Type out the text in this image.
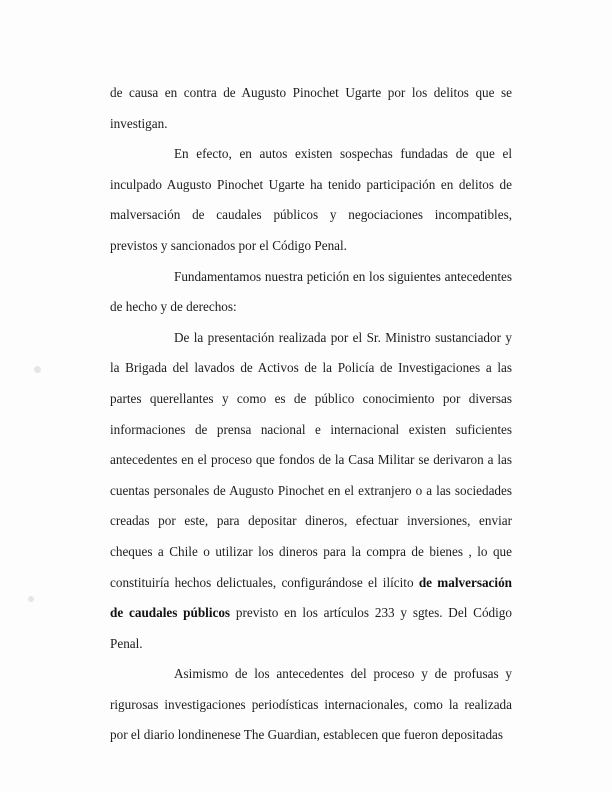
de causa en contra de Augusto Pinochet Ugarte por los delitos que se investigan.

En efecto, en autos existen sospechas fundadas de que el inculpado Augusto Pinochet Ugarte ha tenido participación en delitos de malversación de caudales públicos y negociaciones incompatibles, previstos y sancionados por el Código Penal.

Fundamentamos nuestra petición en los siguientes antecedentes de hecho y de derechos:

De la presentación realizada por el Sr. Ministro sustanciador y la Brigada del lavados de Activos de la Policía de Investigaciones a las partes querellantes y como es de público conocimiento por diversas informaciones de prensa nacional e internacional existen suficientes antecedentes en el proceso que fondos de la Casa Militar se derivaron a las cuentas personales de Augusto Pinochet en el extranjero o a las sociedades creadas por este, para depositar dineros, efectuar inversiones, enviar cheques a Chile o utilizar los dineros para la compra de bienes , lo que constituiría hechos delictuales, configurándose el ilícito de malversación de caudales públicos previsto en los artículos 233 y sgtes. Del Código Penal.

Asimismo de los antecedentes del proceso y de profusas y rigurosas investigaciones periodísticas internacionales, como la realizada por el diario londinenese The Guardian, establecen que fueron depositadas
